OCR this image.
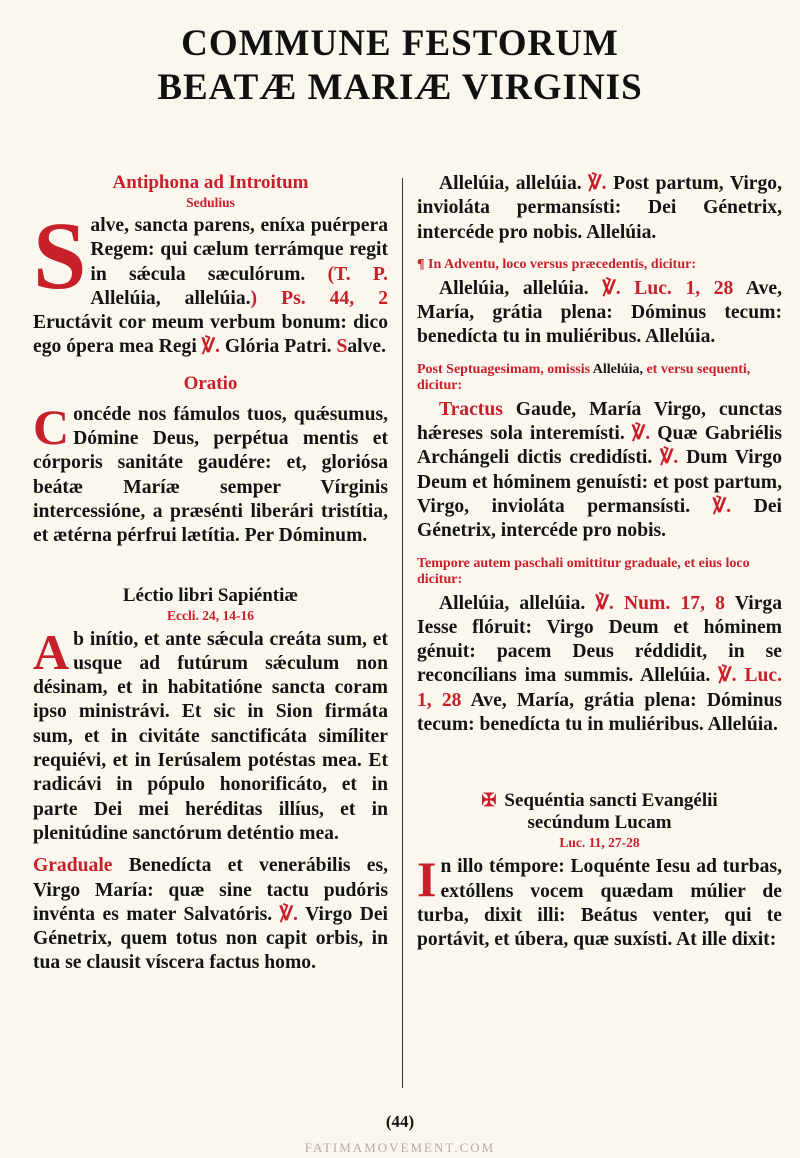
COMMUNE FESTORUM
BEATÆ MARIÆ VIRGINIS
Antiphona ad Introitum
Sedulius

Salve, sancta parens, eníxa puérpera Regem: qui cælum terrámque regit in sǽcula sæculórum. (T. P. Allelúia, allelúia.) Ps. 44, 2 Eructávit cor meum verbum bonum: dico ego ópera mea Regi ℣. Glória Patri. Salve.

Oratio

Concéde nos fámulos tuos, quǽsumus, Dómine Deus, perpétua mentis et córporis sanitáte gaudére: et, gloriósa beátæ Maríæ semper Vírginis intercessióne, a præsénti liberári tristítia, et ætérna pérfrui lætítia. Per Dóminum.

Léctio libri Sapiéntiæ
Eccli. 24, 14-16

Ab inítio, et ante sǽcula creáta sum, et usque ad futúrum sǽculum non désinam, et in habitatióne sancta coram ipso ministrávi. Et sic in Sion firmáta sum, et in civitáte sanctificáta simíliter requiévi, et in Ierúsalem potéstas mea. Et radicávi in pópulo honorificáto, et in parte Dei mei heréditas illíus, et in plenitúdine sanctórum deténtio mea.

Graduale Benedícta et venerábilis es, Virgo María: quæ sine tactu pudóris invénta es mater Salvatóris. ℣. Virgo Dei Génetrix, quem totus non capit orbis, in tua se clausit víscera factus homo.

Allelúia, allelúia. ℣. Post partum, Virgo, invioláta permansísti: Dei Génetrix, intercéde pro nobis. Allelúia.

¶ In Adventu, loco versus præcedentis, dicitur:

Allelúia, allelúia. ℣. Luc. 1, 28 Ave, María, grátia plena: Dóminus tecum: benedícta tu in muliéribus. Allelúia.

Post Septuagesimam, omissis Allelúia, et versu sequenti, dicitur:

Tractus Gaude, María Virgo, cunctas hǽreses sola interemísti. ℣. Quæ Gabriélis Archángeli dictis credidísti. ℣. Dum Virgo Deum et hóminem genuísti: et post partum, Virgo, invioláta permansísti. ℣. Dei Génetrix, intercéde pro nobis.

Tempore autem paschali omittitur graduale, et eius loco dicitur:

Allelúia, allelúia. ℣. Num. 17, 8 Virga Iesse flóruit: Virgo Deum et hóminem génuit: pacem Deus réddidit, in se reconcílians ima summis. Allelúia. ℣. Luc. 1, 28 Ave, María, grátia plena: Dóminus tecum: benedícta tu in muliéribus. Allelúia.

✠ Sequéntia sancti Evangélii
secúndum Lucam
Luc. 11, 27-28

In illo témpore: Loquénte Iesu ad turbas, extóllens vocem quædam múlier de turba, dixit illi: Beátus venter, qui te portávit, et úbera, quæ suxísti. At ille dixit:

(44)
FATIMAMOVEMENT.COM
